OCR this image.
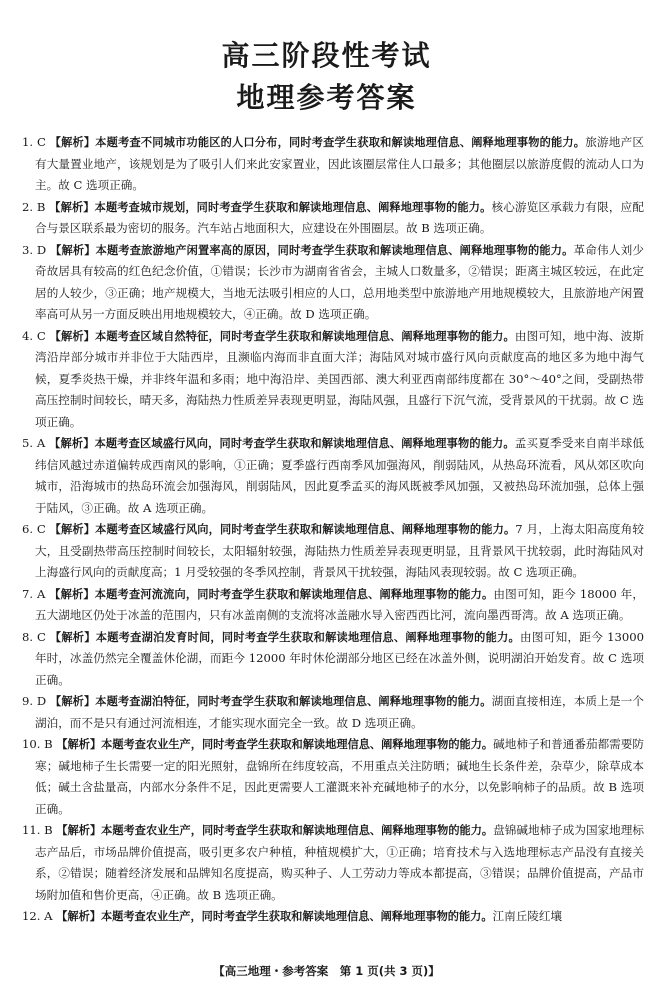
高三阶段性考试
地理参考答案

1. C 【解析】本题考查不同城市功能区的人口分布，同时考查学生获取和解读地理信息、阐释地理事物的能力。旅游地产区有大量置业地产，该规划是为了吸引人们来此安家置业，因此该圈层常住人口最多；其他圈层以旅游度假的流动人口为主。故 C 选项正确。

2. B 【解析】本题考查城市规划，同时考查学生获取和解读地理信息、阐释地理事物的能力。核心游览区承载力有限，应配合与景区联系最为密切的服务。汽车站占地面积大，应建设在外围圈层。故 B 选项正确。

3. D 【解析】本题考查旅游地产闲置率高的原因，同时考查学生获取和解读地理信息、阐释地理事物的能力。革命伟人刘少奇故居具有较高的红色纪念价值，①错误；长沙市为湖南省省会，主城人口数量多，②错误；距离主城区较远，在此定居的人较少，③正确；地产规模大，当地无法吸引相应的人口，总用地类型中旅游地产用地规模较大，且旅游地产闲置率高可从另一方面反映出用地规模较大，④正确。故 D 选项正确。

4. C 【解析】本题考查区域自然特征，同时考查学生获取和解读地理信息、阐释地理事物的能力。由图可知，地中海、波斯湾沿岸部分城市并非位于大陆西岸，且濒临内海而非直面大洋；海陆风对城市盛行风向贡献度高的地区多为地中海气候，夏季炎热干燥，并非终年温和多雨；地中海沿岸、美国西部、澳大利亚西南部纬度都在 30°～40°之间，受副热带高压控制时间较长，晴天多，海陆热力性质差异表现更明显，海陆风强，且盛行下沉气流，受背景风的干扰弱。故 C 选项正确。

5. A 【解析】本题考查区域盛行风向，同时考查学生获取和解读地理信息、阐释地理事物的能力。孟买夏季受来自南半球低纬信风越过赤道偏转成西南风的影响，①正确；夏季盛行西南季风加强海风，削弱陆风，从热岛环流看，风从郊区吹向城市，沿海城市的热岛环流会加强海风，削弱陆风，因此夏季孟买的海风既被季风加强，又被热岛环流加强，总体上强于陆风，③正确。故 A 选项正确。

6. C 【解析】本题考查区域盛行风向，同时考查学生获取和解读地理信息、阐释地理事物的能力。7 月，上海太阳高度角较大，且受副热带高压控制时间较长，太阳辐射较强，海陆热力性质差异表现更明显，且背景风干扰较弱，此时海陆风对上海盛行风向的贡献度高；1 月受较强的冬季风控制，背景风干扰较强，海陆风表现较弱。故 C 选项正确。

7. A 【解析】本题考查河流流向，同时考查学生获取和解读地理信息、阐释地理事物的能力。由图可知，距今 18000 年，五大湖地区仍处于冰盖的范围内，只有冰盖南侧的支流将冰盖融水导入密西西比河，流向墨西哥湾。故 A 选项正确。

8. C 【解析】本题考查湖泊发育时间，同时考查学生获取和解读地理信息、阐释地理事物的能力。由图可知，距今 13000 年时，冰盖仍然完全覆盖休伦湖，而距今 12000 年时休伦湖部分地区已经在冰盖外侧，说明湖泊开始发育。故 C 选项正确。

9. D 【解析】本题考查湖泊特征，同时考查学生获取和解读地理信息、阐释地理事物的能力。湖面直接相连，本质上是一个湖泊，而不是只有通过河流相连，才能实现水面完全一致。故 D 选项正确。

10. B 【解析】本题考查农业生产，同时考查学生获取和解读地理信息、阐释地理事物的能力。碱地柿子和普通番茄都需要防寒；碱地柿子生长需要一定的阳光照射，盘锦所在纬度较高，不用重点关注防晒；碱地生长条件差，杂草少，除草成本低；碱土含盐量高，内部水分条件不足，因此更需要人工灌溉来补充碱地柿子的水分，以免影响柿子的品质。故 B 选项正确。

11. B 【解析】本题考查农业生产，同时考查学生获取和解读地理信息、阐释地理事物的能力。盘锦碱地柿子成为国家地理标志产品后，市场品牌价值提高，吸引更多农户种植，种植规模扩大，①正确；培育技术与入选地理标志产品没有直接关系，②错误；随着经济发展和品牌知名度提高，购买种子、人工劳动力等成本都提高，③错误；品牌价值提高，产品市场附加值和售价更高，④正确。故 B 选项正确。

12. A 【解析】本题考查农业生产，同时考查学生获取和解读地理信息、阐释地理事物的能力。江南丘陵红壤

【高三地理・参考答案　第 1 页(共 3 页)】
